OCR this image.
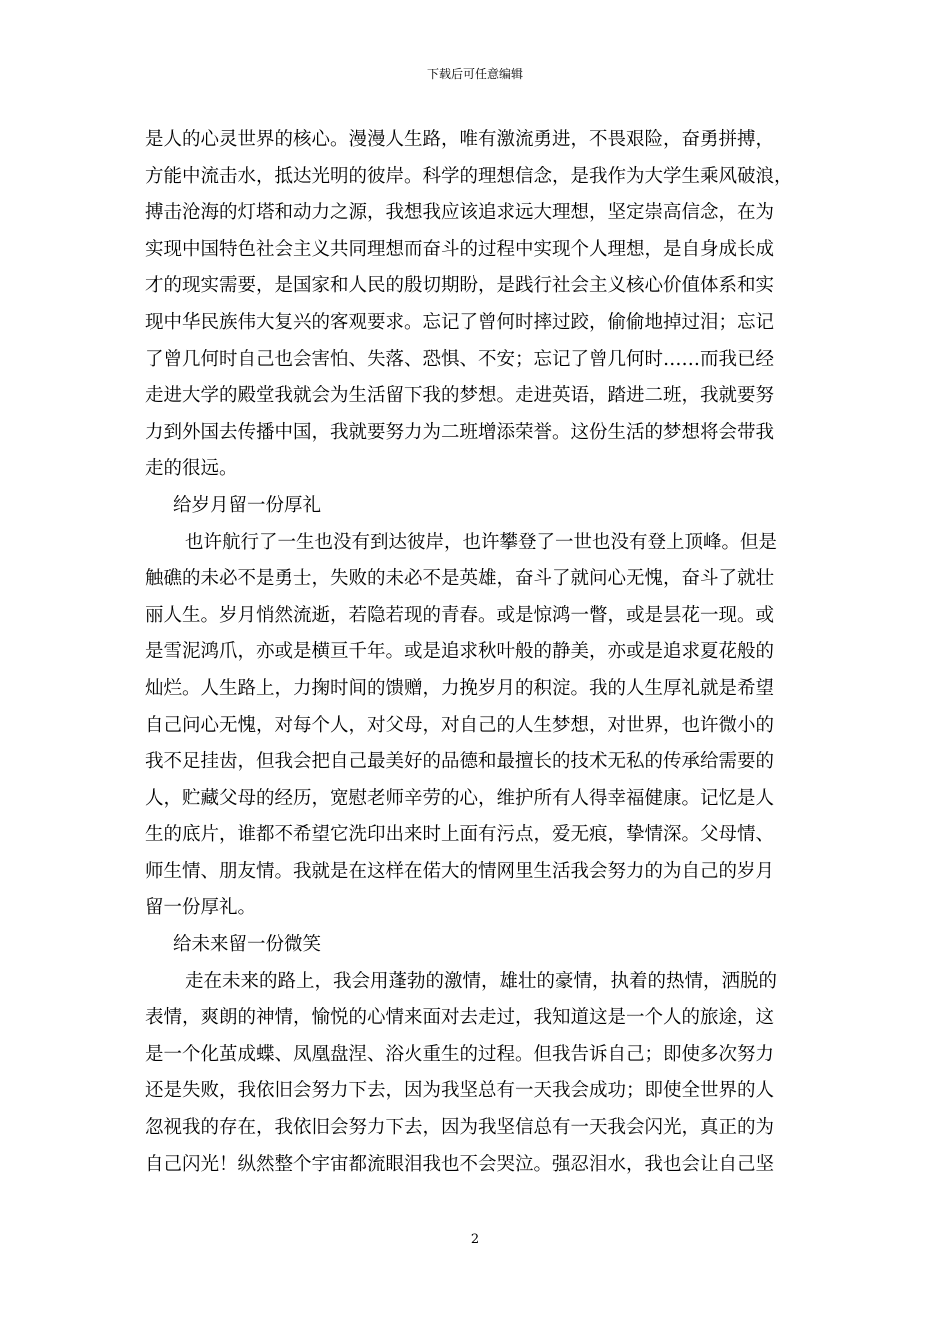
下载后可任意编辑

是人的心灵世界的核心。漫漫人生路，唯有激流勇进，不畏艰险，奋勇拼搏，

方能中流击水，抵达光明的彼岸。科学的理想信念，是我作为大学生乘风破浪，

搏击沧海的灯塔和动力之源，我想我应该追求远大理想，坚定崇高信念，在为

实现中国特色社会主义共同理想而奋斗的过程中实现个人理想，是自身成长成

才的现实需要，是国家和人民的殷切期盼，是践行社会主义核心价值体系和实

现中华民族伟大复兴的客观要求。忘记了曾何时摔过跤，偷偷地掉过泪；忘记

了曾几何时自己也会害怕、失落、恐惧、不安；忘记了曾几何时……而我已经

走进大学的殿堂我就会为生活留下我的梦想。走进英语，踏进二班，我就要努

力到外国去传播中国，我就要努力为二班增添荣誉。这份生活的梦想将会带我

走的很远。

给岁月留一份厚礼

也许航行了一生也没有到达彼岸，也许攀登了一世也没有登上顶峰。但是

触礁的未必不是勇士，失败的未必不是英雄，奋斗了就问心无愧，奋斗了就壮

丽人生。岁月悄然流逝，若隐若现的青春。或是惊鸿一瞥，或是昙花一现。或

是雪泥鸿爪，亦或是横亘千年。或是追求秋叶般的静美，亦或是追求夏花般的

灿烂。人生路上，力掬时间的馈赠，力挽岁月的积淀。我的人生厚礼就是希望

自己问心无愧，对每个人，对父母，对自己的人生梦想，对世界，也许微小的

我不足挂齿，但我会把自己最美好的品德和最擅长的技术无私的传承给需要的

人，贮藏父母的经历，宽慰老师辛劳的心，维护所有人得幸福健康。记忆是人

生的底片，谁都不希望它洗印出来时上面有污点，爱无痕，挚情深。父母情、

师生情、朋友情。我就是在这样在偌大的情网里生活我会努力的为自己的岁月

留一份厚礼。

给未来留一份微笑

走在未来的路上，我会用蓬勃的激情，雄壮的豪情，执着的热情，洒脱的

表情，爽朗的神情，愉悦的心情来面对去走过，我知道这是一个人的旅途，这

是一个化茧成蝶、凤凰盘涅、浴火重生的过程。但我告诉自己；即使多次努力

还是失败，我依旧会努力下去，因为我坚总有一天我会成功；即使全世界的人

忽视我的存在，我依旧会努力下去，因为我坚信总有一天我会闪光，真正的为

自己闪光！纵然整个宇宙都流眼泪我也不会哭泣。强忍泪水，我也会让自己坚

2
